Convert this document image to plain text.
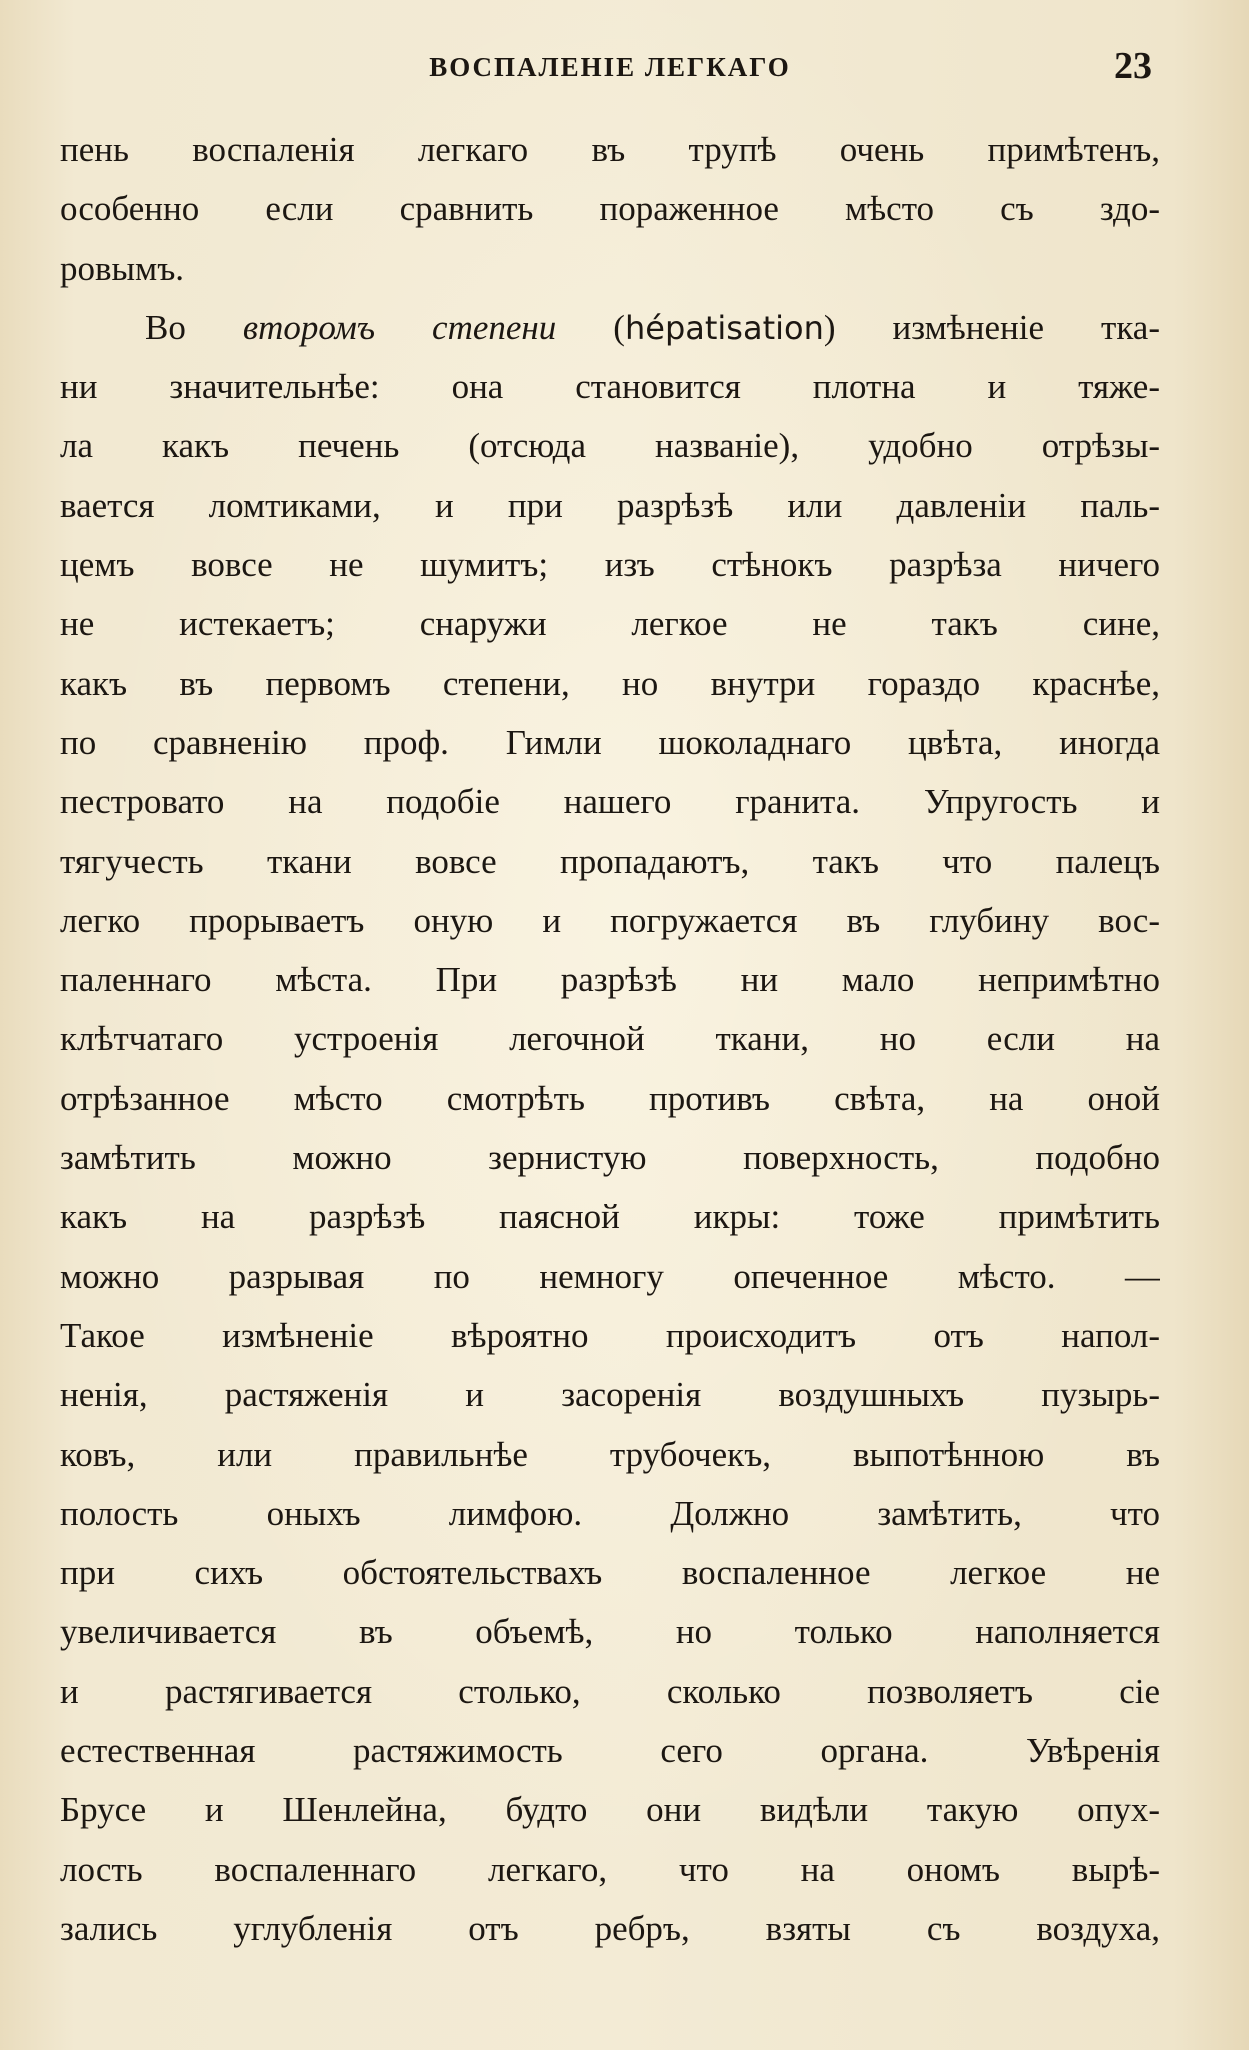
ВОСПАЛЕНІЕ ЛЕГКАГО	23
пень воспаленія легкаго въ трупѣ очень примѣтенъ,
особенно если сравнить пораженное мѣсто съ здо-
ровымъ.
Во второмъ степени (hépatisation) измѣненіе тка-
ни значительнѣе: она становится плотна и тяже-
ла какъ печень (отсюда названіе), удобно отрѣзы-
вается ломтиками, и при разрѣзѣ или давленіи паль-
цемъ вовсе не шумитъ; изъ стѣнокъ разрѣза ничего
не истекаетъ; снаружи легкое не такъ сине,
какъ въ первомъ степени, но внутри гораздо краснѣе,
по сравненію проф. Гимли шоколаднаго цвѣта, иногда
пестровато на подобіе нашего гранита. Упругость и
тягучесть ткани вовсе пропадаютъ, такъ что палецъ
легко прорываетъ оную и погружается въ глубину вос-
паленнаго мѣста. При разрѣзѣ ни мало непримѣтно
клѣтчатаго устроенія легочной ткани, но если на
отрѣзанное мѣсто смотрѣть противъ свѣта, на оной
замѣтить можно зернистую поверхность, подобно
какъ на разрѣзѣ паясной икры: тоже примѣтить
можно разрывая по немногу опеченное мѣсто. —
Такое измѣненіе вѣроятно происходитъ отъ напол-
ненія, растяженія и засоренія воздушныхъ пузырь-
ковъ, или правильнѣе трубочекъ, выпотѣнною въ
полость оныхъ лимфою. Должно замѣтить, что
при сихъ обстоятельствахъ воспаленное легкое не
увеличивается въ объемѣ, но только наполняется
и растягивается столько, сколько позволяетъ сіе
естественная растяжимость сего органа. Увѣренія
Брусе и Шенлейна, будто они видѣли такую опух-
лость воспаленнаго легкаго, что на ономъ вырѣ-
зались углубленія отъ ребръ, взяты съ воздуха,
